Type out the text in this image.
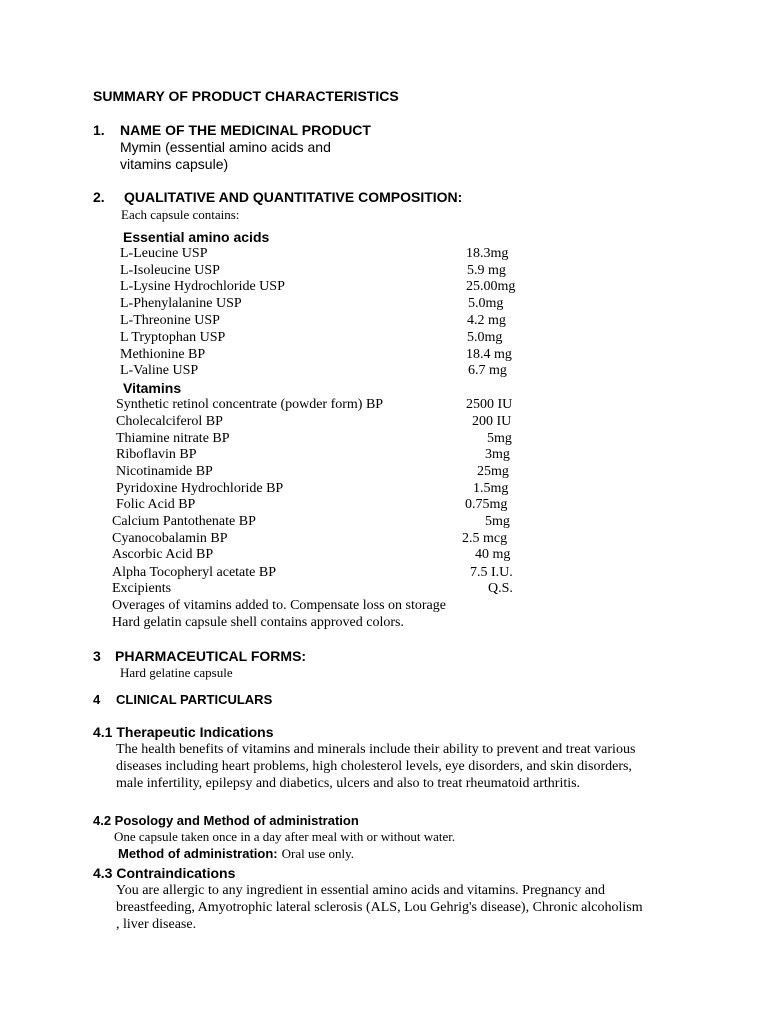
SUMMARY OF PRODUCT CHARACTERISTICS
1. NAME OF THE MEDICINAL PRODUCT
Mymin (essential amino acids and
vitamins capsule)
2. QUALITATIVE AND QUANTITATIVE COMPOSITION:
Each capsule contains:
Essential amino acids
L-Leucine USP	18.3mg
L-Isoleucine USP	5.9 mg
L-Lysine Hydrochloride USP	25.00mg
L-Phenylalanine USP	5.0mg
L-Threonine USP	4.2 mg
L Tryptophan USP	5.0mg
Methionine BP	18.4 mg
L-Valine USP	6.7 mg
Vitamins
Synthetic retinol concentrate (powder form) BP	2500 IU
Cholecalciferol BP	200 IU
Thiamine nitrate BP	5mg
Riboflavin BP	3mg
Nicotinamide BP	25mg
Pyridoxine Hydrochloride BP	1.5mg
Folic Acid BP	0.75mg
Calcium Pantothenate BP	5mg
Cyanocobalamin BP	2.5 mcg
Ascorbic Acid BP	40 mg
Alpha Tocopheryl acetate BP	7.5 I.U.
Excipients	Q.S.
Overages of vitamins added to. Compensate loss on storage
Hard gelatin capsule shell contains approved colors.
3 PHARMACEUTICAL FORMS:
Hard gelatine capsule
4 CLINICAL PARTICULARS
4.1 Therapeutic Indications
The health benefits of vitamins and minerals include their ability to prevent and treat various diseases including heart problems, high cholesterol levels, eye disorders, and skin disorders, male infertility, epilepsy and diabetics, ulcers and also to treat rheumatoid arthritis.
4.2 Posology and Method of administration
One capsule taken once in a day after meal with or without water.
Method of administration: Oral use only.
4.3 Contraindications
You are allergic to any ingredient in essential amino acids and vitamins. Pregnancy and breastfeeding, Amyotrophic lateral sclerosis (ALS, Lou Gehrig's disease), Chronic alcoholism , liver disease.
